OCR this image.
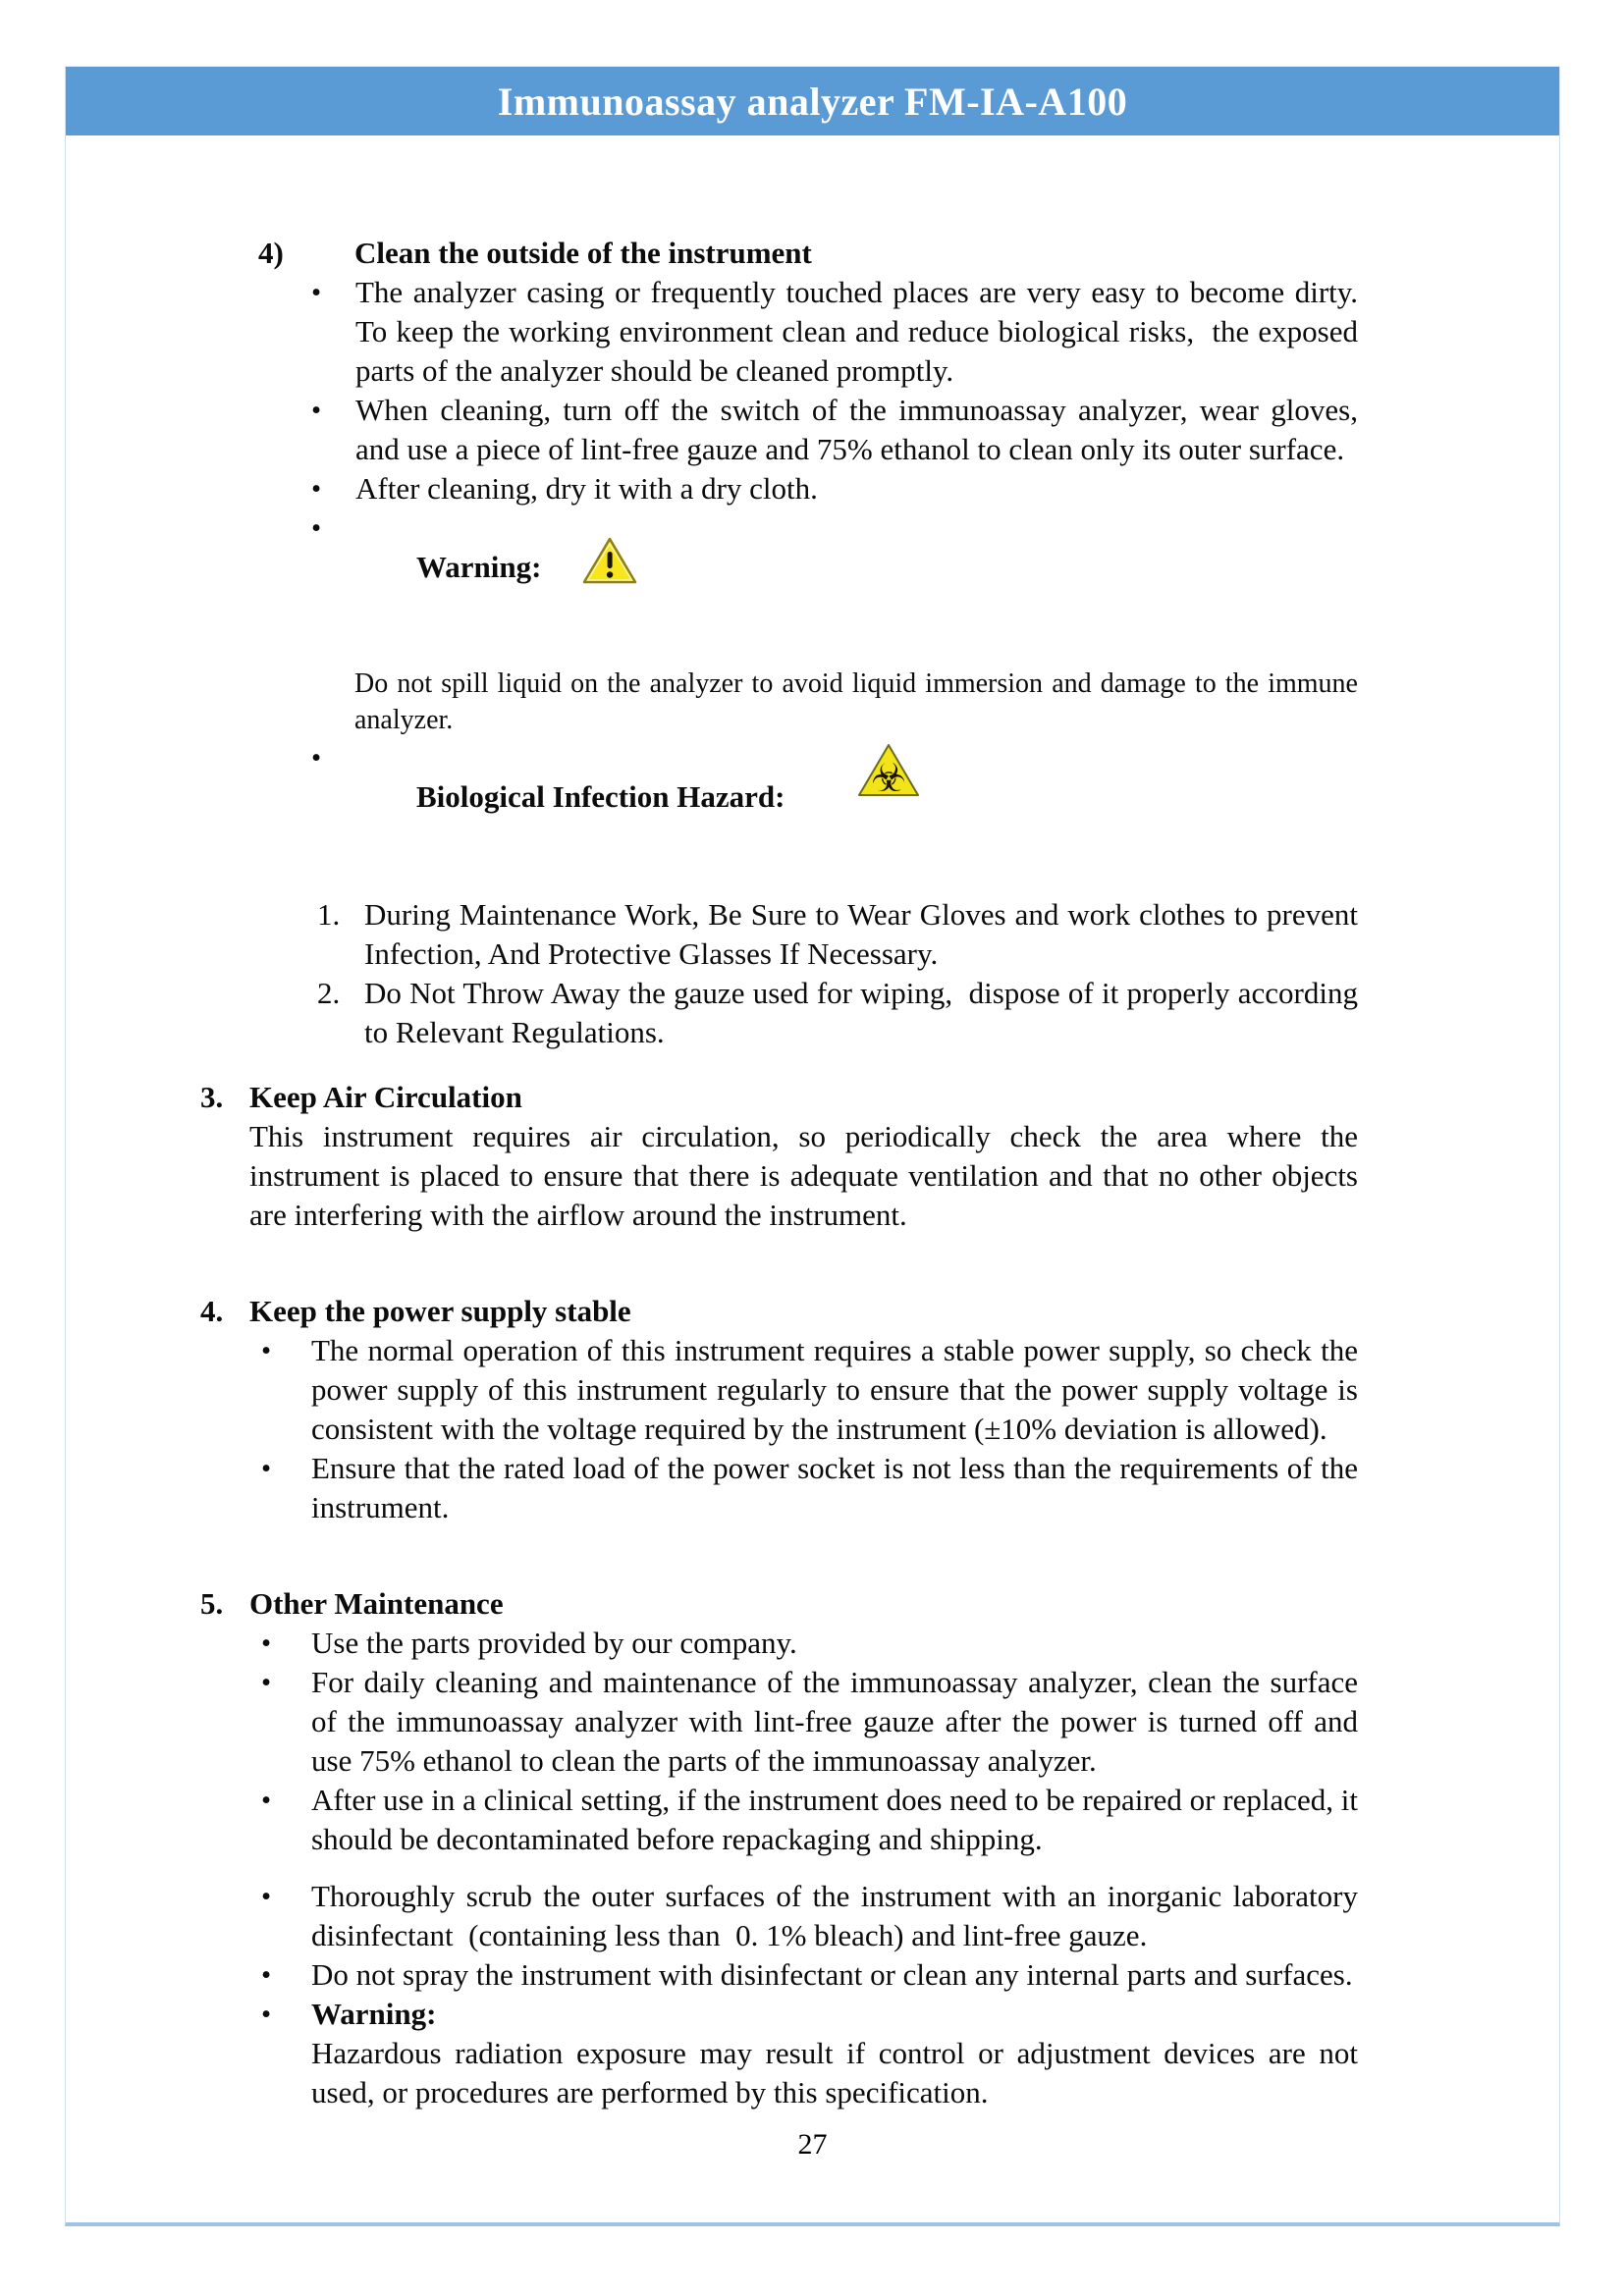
Immunoassay analyzer FM-IA-A100
4)	Clean the outside of the instrument
•	The analyzer casing or frequently touched places are very easy to become dirty. To keep the working environment clean and reduce biological risks,  the exposed parts of the analyzer should be cleaned promptly.
•	When cleaning, turn off the switch of the immunoassay analyzer, wear gloves, and use a piece of lint-free gauze and 75% ethanol to clean only its outer surface.
•	After cleaning, dry it with a dry cloth.
•

Warning:

Do not spill liquid on the analyzer to avoid liquid immersion and damage to the immune analyzer.
•

Biological Infection Hazard:

☣

1. During Maintenance Work, Be Sure to Wear Gloves and work clothes to prevent Infection, And Protective Glasses If Necessary.
2. Do Not Throw Away the gauze used for wiping,  dispose of it properly according to Relevant Regulations.
3. Keep Air Circulation
This instrument requires air circulation, so periodically check the area where the instrument is placed to ensure that there is adequate ventilation and that no other objects are interfering with the airflow around the instrument.
4. Keep the power supply stable
•	The normal operation of this instrument requires a stable power supply, so check the power supply of this instrument regularly to ensure that the power supply voltage is consistent with the voltage required by the instrument (±10% deviation is allowed).
•	Ensure that the rated load of the power socket is not less than the requirements of the instrument.
5. Other Maintenance
•	Use the parts provided by our company.
•	For daily cleaning and maintenance of the immunoassay analyzer, clean the surface of the immunoassay analyzer with lint-free gauze after the power is turned off and use 75% ethanol to clean the parts of the immunoassay analyzer.
•	After use in a clinical setting, if the instrument does need to be repaired or replaced, it should be decontaminated before repackaging and shipping.
•	Thoroughly scrub the outer surfaces of the instrument with an inorganic laboratory disinfectant  (containing less than  0. 1% bleach) and lint-free gauze.
•	Do not spray the instrument with disinfectant or clean any internal parts and surfaces.
•	Warning:
Hazardous radiation exposure may result if control or adjustment devices are not used, or procedures are performed by this specification.
27
